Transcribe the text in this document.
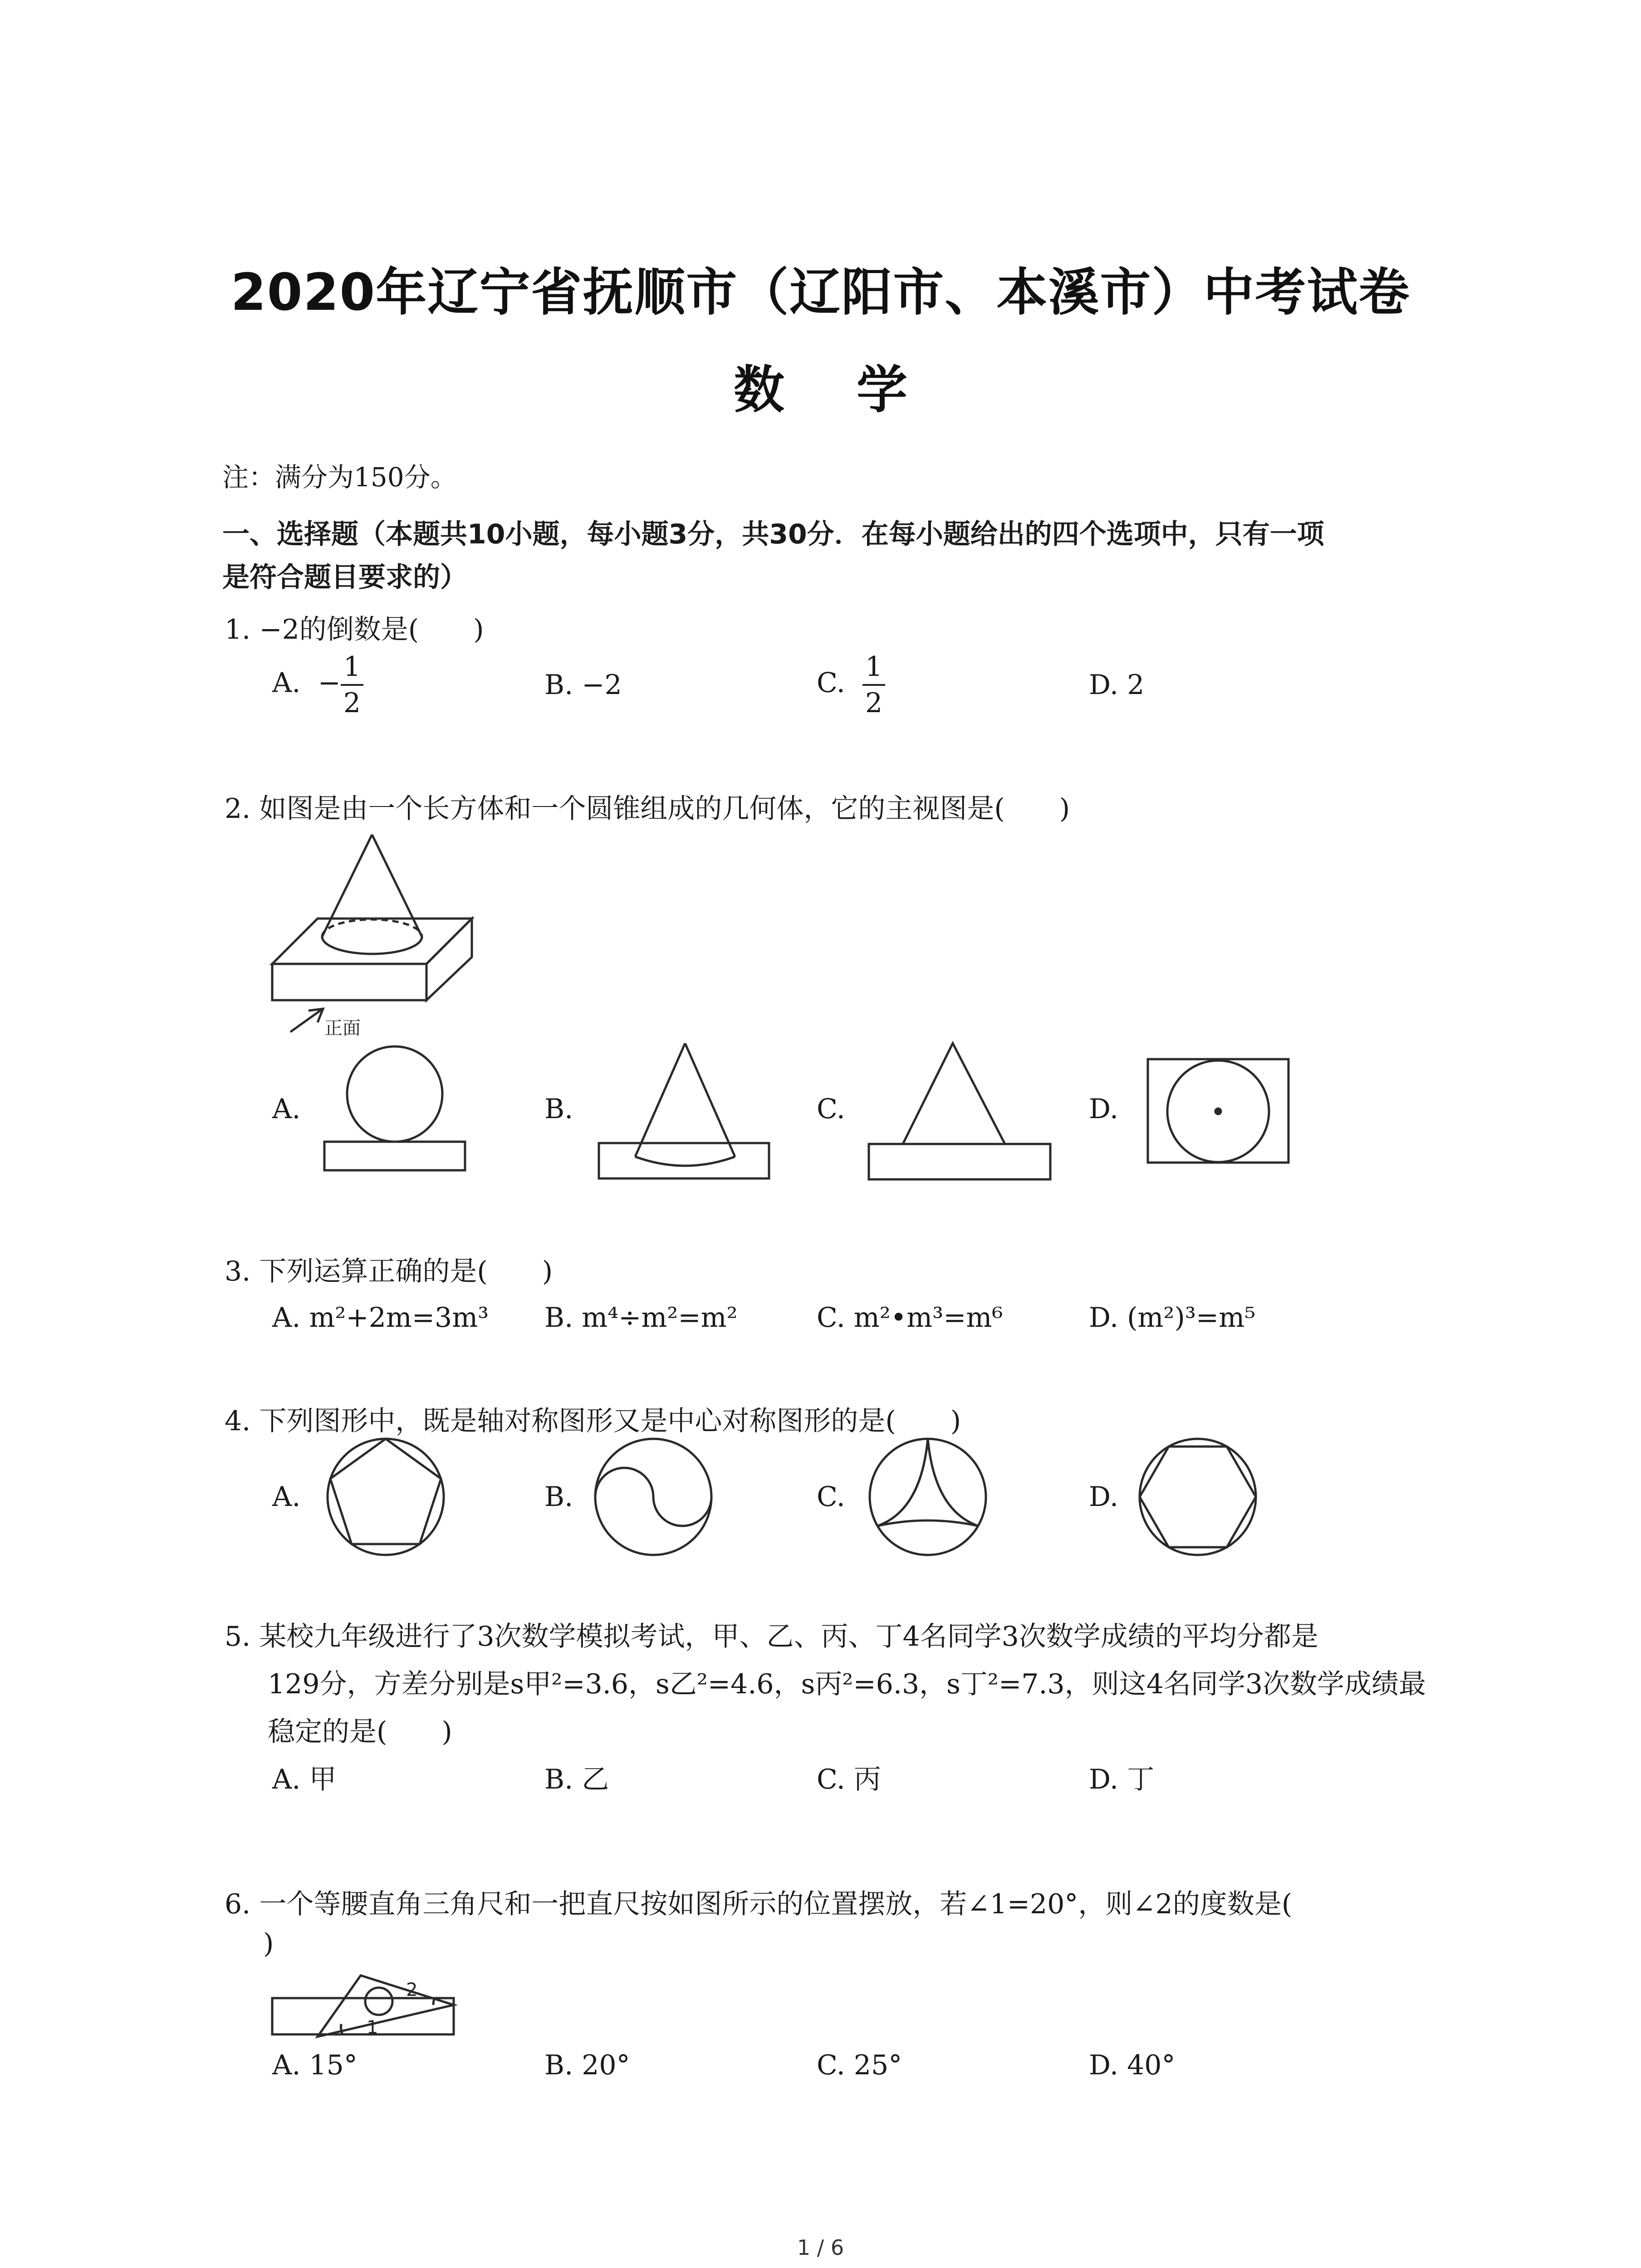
2020年辽宁省抚顺市（辽阳市、本溪市）中考试卷
数 学
注：满分为150分。
一、选择题（本题共10小题，每小题3分，共30分．在每小题给出的四个选项中，只有一项
是符合题目要求的）
1. −2的倒数是(　　)
A. − $\frac{1}{2}$	B. −2	C. $\frac{1}{2}$	D. 2
2. 如图是由一个长方体和一个圆锥组成的几何体，它的主视图是(　　)
正面
A.	B.	C.	D.
3. 下列运算正确的是(　　)
A. m²+2m=3m³ B. m⁴÷m²=m²	C. m²•m³=m⁶	D. (m²)³=m⁵
4. 下列图形中，既是轴对称图形又是中心对称图形的是(　　)
A.	B.	C.	D.
5. 某校九年级进行了3次数学模拟考试，甲、乙、丙、丁4名同学3次数学成绩的平均分都是
129分，方差分别是s甲²=3.6，s乙²=4.6，s丙²=6.3，s丁²=7.3，则这4名同学3次数学成绩最
稳定的是(　　)
A. 甲	B. 乙	C. 丙	D. 丁
6. 一个等腰直角三角尺和一把直尺按如图所示的位置摆放，若∠1=20°，则∠2的度数是(
)
1
2
A. 15°	B. 20°	C. 25°	D. 40°
1 / 6
